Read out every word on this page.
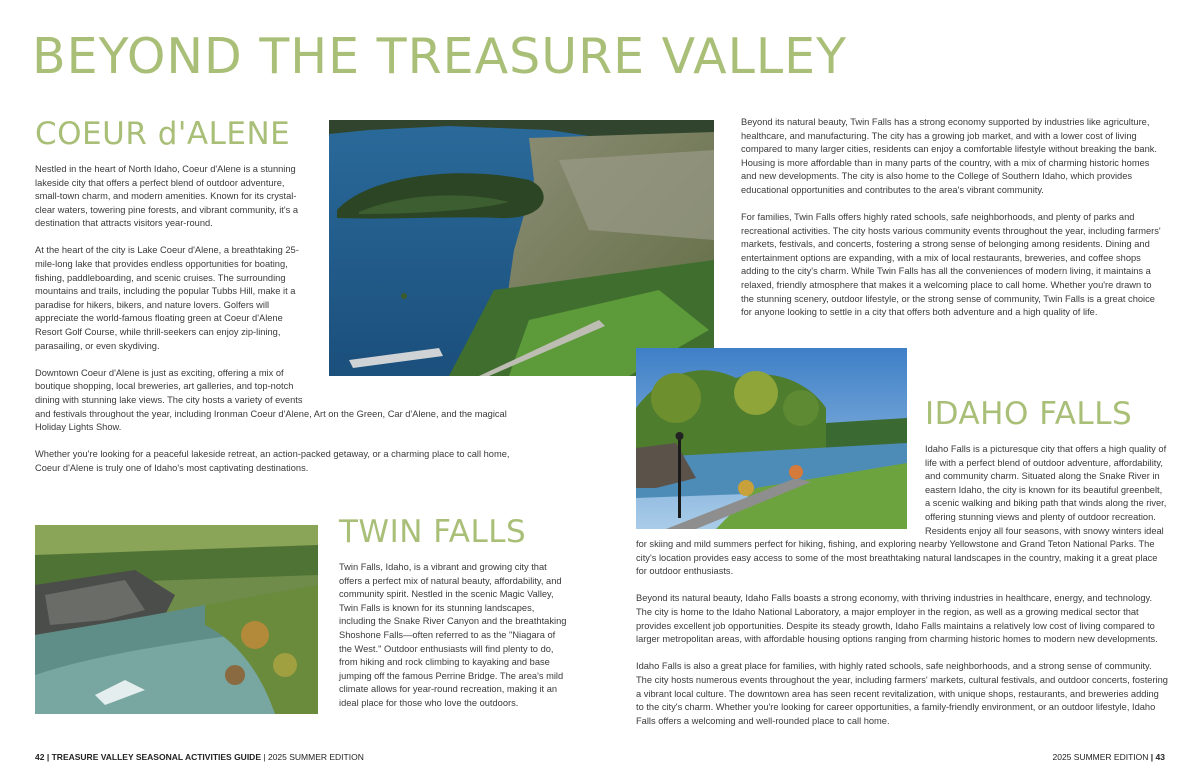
BEYOND THE TREASURE VALLEY
COEUR d'ALENE

Nestled in the heart of North Idaho, Coeur d'Alene is a stunning lakeside city that offers a perfect blend of outdoor adventure, small-town charm, and modern amenities. Known for its crystal-clear waters, towering pine forests, and vibrant community, it's a destination that attracts visitors year-round.

At the heart of the city is Lake Coeur d'Alene, a breathtaking 25-mile-long lake that provides endless opportunities for boating, fishing, paddleboarding, and scenic cruises. The surrounding mountains and trails, including the popular Tubbs Hill, make it a paradise for hikers, bikers, and nature lovers. Golfers will appreciate the world-famous floating green at Coeur d'Alene Resort Golf Course, while thrill-seekers can enjoy zip-lining, parasailing, or even skydiving.

Downtown Coeur d'Alene is just as exciting, offering a mix of boutique shopping, local breweries, art galleries, and top-notch dining with stunning lake views. The city hosts a variety of events and festivals throughout the year, including Ironman Coeur d'Alene, Art on the Green, Car d'Alene, and the magical Holiday Lights Show.

Whether you're looking for a peaceful lakeside retreat, an action-packed getaway, or a charming place to call home, Coeur d'Alene is truly one of Idaho's most captivating destinations.

TWIN FALLS

Twin Falls, Idaho, is a vibrant and growing city that offers a perfect mix of natural beauty, affordability, and community spirit. Nestled in the scenic Magic Valley, Twin Falls is known for its stunning landscapes, including the Snake River Canyon and the breathtaking Shoshone Falls—often referred to as the "Niagara of the West." Outdoor enthusiasts will find plenty to do, from hiking and rock climbing to kayaking and base jumping off the famous Perrine Bridge. The area's mild climate allows for year-round recreation, making it an ideal place for those who love the outdoors.

Beyond its natural beauty, Twin Falls has a strong economy supported by industries like agriculture, healthcare, and manufacturing. The city has a growing job market, and with a lower cost of living compared to many larger cities, residents can enjoy a comfortable lifestyle without breaking the bank. Housing is more affordable than in many parts of the country, with a mix of charming historic homes and new developments. The city is also home to the College of Southern Idaho, which provides educational opportunities and contributes to the area's vibrant community.

For families, Twin Falls offers highly rated schools, safe neighborhoods, and plenty of parks and recreational activities. The city hosts various community events throughout the year, including farmers' markets, festivals, and concerts, fostering a strong sense of belonging among residents. Dining and entertainment options are expanding, with a mix of local restaurants, breweries, and coffee shops adding to the city's charm. While Twin Falls has all the conveniences of modern living, it maintains a relaxed, friendly atmosphere that makes it a welcoming place to call home. Whether you're drawn to the stunning scenery, outdoor lifestyle, or the strong sense of community, Twin Falls is a great choice for anyone looking to settle in a city that offers both adventure and a high quality of life.

IDAHO FALLS

Idaho Falls is a picturesque city that offers a high quality of life with a perfect blend of outdoor adventure, affordability, and community charm. Situated along the Snake River in eastern Idaho, the city is known for its beautiful greenbelt, a scenic walking and biking path that winds along the river, offering stunning views and plenty of outdoor recreation. Residents enjoy all four seasons, with snowy winters ideal for skiing and mild summers perfect for hiking, fishing, and exploring nearby Yellowstone and Grand Teton National Parks. The city's location provides easy access to some of the most breathtaking natural landscapes in the country, making it a great place for outdoor enthusiasts.

Beyond its natural beauty, Idaho Falls boasts a strong economy, with thriving industries in healthcare, energy, and technology. The city is home to the Idaho National Laboratory, a major employer in the region, as well as a growing medical sector that provides excellent job opportunities. Despite its steady growth, Idaho Falls maintains a relatively low cost of living compared to larger metropolitan areas, with affordable housing options ranging from charming historic homes to modern new developments.

Idaho Falls is also a great place for families, with highly rated schools, safe neighborhoods, and a strong sense of community. The city hosts numerous events throughout the year, including farmers' markets, cultural festivals, and outdoor concerts, fostering a vibrant local culture. The downtown area has seen recent revitalization, with unique shops, restaurants, and breweries adding to the city's charm. Whether you're looking for career opportunities, a family-friendly environment, or an outdoor lifestyle, Idaho Falls offers a welcoming and well-rounded place to call home.

42 | TREASURE VALLEY SEASONAL ACTIVITIES GUIDE | 2025 SUMMER EDITION	2025 SUMMER EDITION | 43
